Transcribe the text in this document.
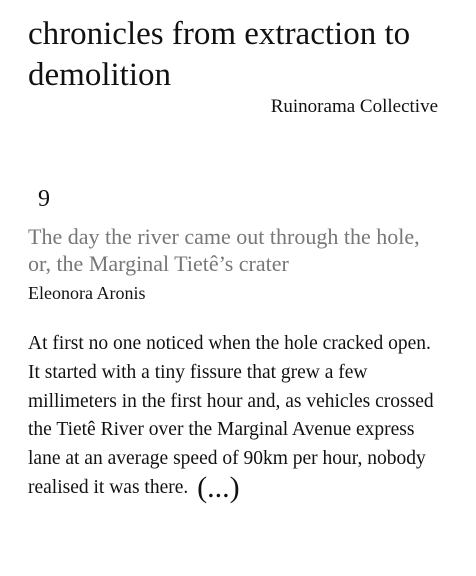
chronicles from extraction to demolition

Ruinorama Collective

9

The day the river came out through the hole, or, the Marginal Tietê’s crater

Eleonora Aronis

At first no one noticed when the hole cracked open. It started with a tiny fissure that grew a few millimeters in the first hour and, as vehicles crossed the Tietê River over the Marginal Avenue express lane at an average speed of 90km per hour, nobody realised it was there. (...)
